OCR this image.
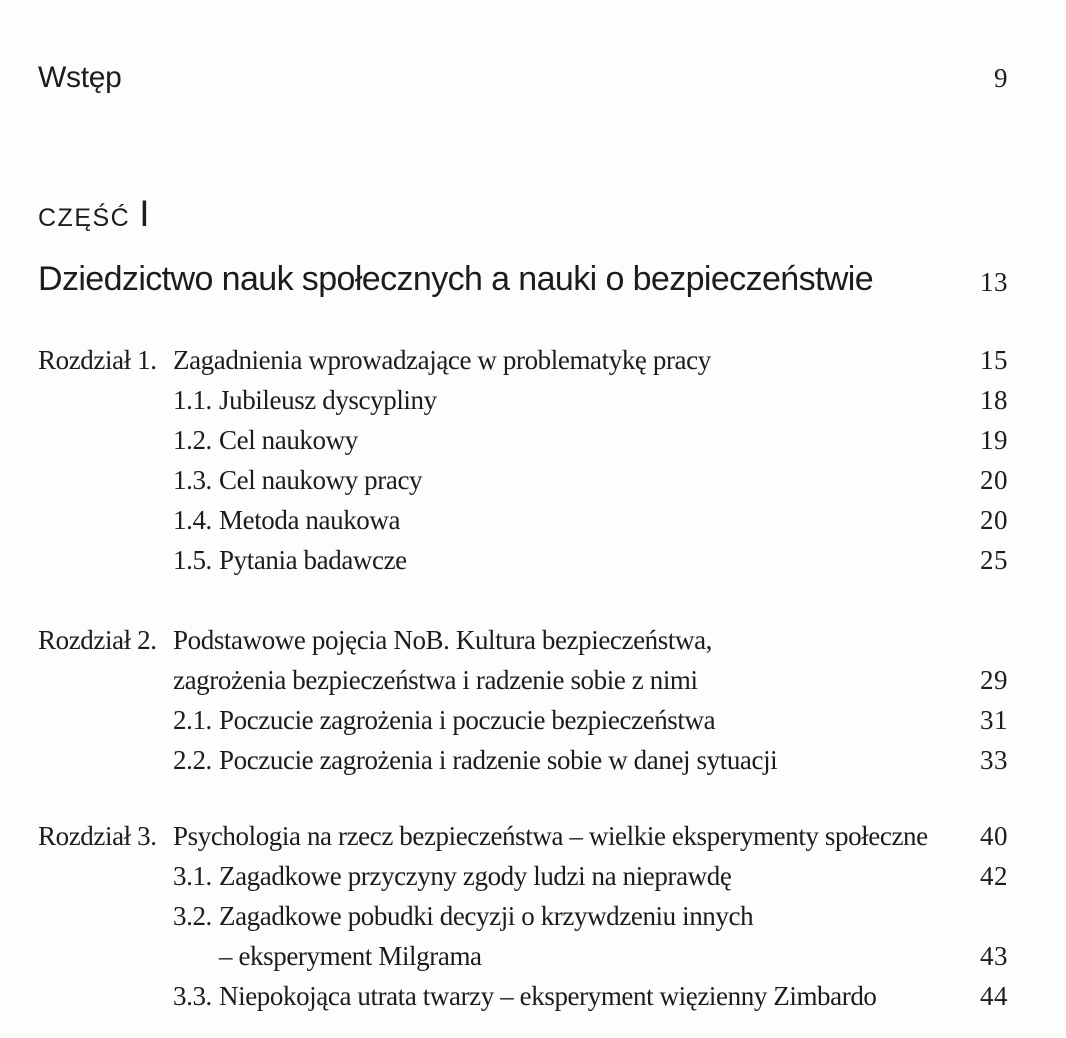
Wstęp	9
CZĘŚĆ I
Dziedzictwo nauk społecznych a nauki o bezpieczeństwie	13
Rozdział 1. Zagadnienia wprowadzające w problematykę pracy	15
1.1. Jubileusz dyscypliny	18
1.2. Cel naukowy	19
1.3. Cel naukowy pracy	20
1.4. Metoda naukowa	20
1.5. Pytania badawcze	25
Rozdział 2. Podstawowe pojęcia NoB. Kultura bezpieczeństwa,
zagrożenia bezpieczeństwa i radzenie sobie z nimi	29
2.1. Poczucie zagrożenia i poczucie bezpieczeństwa	31
2.2. Poczucie zagrożenia i radzenie sobie w danej sytuacji	33
Rozdział 3. Psychologia na rzecz bezpieczeństwa – wielkie eksperymenty społeczne	40
3.1. Zagadkowe przyczyny zgody ludzi na nieprawdę	42
3.2. Zagadkowe pobudki decyzji o krzywdzeniu innych
– eksperyment Milgrama	43
3.3. Niepokojąca utrata twarzy – eksperyment więzienny Zimbardo	44
